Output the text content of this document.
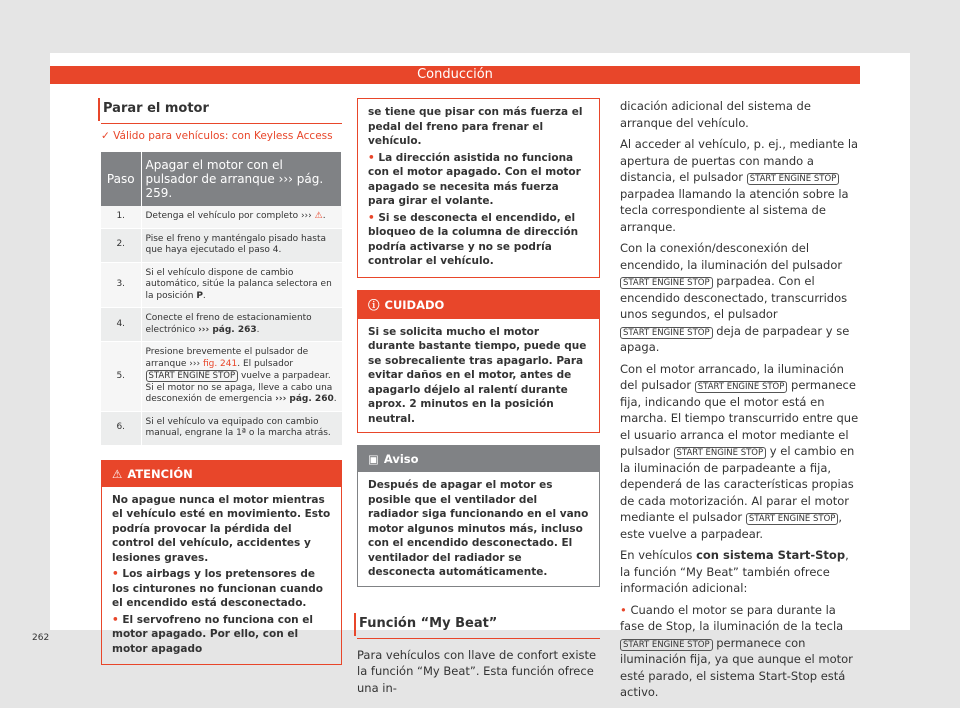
Conducción
Parar el motor
✓ Válido para vehículos: con Keyless Access
Paso	Apagar el motor con el pulsador de arranque ››› pág. 259.
1.	Detenga el vehículo por completo ››› ⚠.
2.	Pise el freno y manténgalo pisado hasta que haya ejecutado el paso 4.
3.	Si el vehículo dispone de cambio automático, sitúe la palanca selectora en la posición P.
4.	Conecte el freno de estacionamiento electrónico ››› pág. 263.
5.	Presione brevemente el pulsador de arranque ››› fig. 241. El pulsador START ENGINE STOP vuelve a parpadear. Si el motor no se apaga, lleve a cabo una desconexión de emergencia ››› pág. 260.
6.	Si el vehículo va equipado con cambio manual, engrane la 1ª o la marcha atrás.
⚠ ATENCIÓN

No apague nunca el motor mientras el vehículo esté en movimiento. Esto podría provocar la pérdida del control del vehículo, accidentes y lesiones graves.

• Los airbags y los pretensores de los cinturones no funcionan cuando el encendido está desconectado.

• El servofreno no funciona con el motor apagado. Por ello, con el motor apagado

se tiene que pisar con más fuerza el pedal del freno para frenar el vehículo.

• La dirección asistida no funciona con el motor apagado. Con el motor apagado se necesita más fuerza para girar el volante.

• Si se desconecta el encendido, el bloqueo de la columna de dirección podría activarse y no se podría controlar el vehículo.

ⓘ CUIDADO
Si se solicita mucho el motor durante bastante tiempo, puede que se sobrecaliente tras apagarlo. Para evitar daños en el motor, antes de apagarlo déjelo al ralentí durante aprox. 2 minutos en la posición neutral.
▣ Aviso
Después de apagar el motor es posible que el ventilador del radiador siga funcionando en el vano motor algunos minutos más, incluso con el encendido desconectado. El ventilador del radiador se desconecta automáticamente.
Función “My Beat”
Para vehículos con llave de confort existe la función “My Beat”. Esta función ofrece una in-

dicación adicional del sistema de arranque del vehículo.

Al acceder al vehículo, p. ej., mediante la apertura de puertas con mando a distancia, el pulsador START ENGINE STOP parpadea llamando la atención sobre la tecla correspondiente al sistema de arranque.

Con la conexión/desconexión del encendido, la iluminación del pulsador START ENGINE STOP parpadea. Con el encendido desconectado, transcurridos unos segundos, el pulsador START ENGINE STOP deja de parpadear y se apaga.

Con el motor arrancado, la iluminación del pulsador START ENGINE STOP permanece fija, indicando que el motor está en marcha. El tiempo transcurrido entre que el usuario arranca el motor mediante el pulsador START ENGINE STOP y el cambio en la iluminación de parpadeante a fija, dependerá de las características propias de cada motorización. Al parar el motor mediante el pulsador START ENGINE STOP , este vuelve a parpadear.

En vehículos con sistema Start-Stop, la función “My Beat” también ofrece información adicional:

• Cuando el motor se para durante la fase de Stop, la iluminación de la tecla START ENGINE STOP permanece con iluminación fija, ya que aunque el motor esté parado, el sistema Start-Stop está activo.

262
